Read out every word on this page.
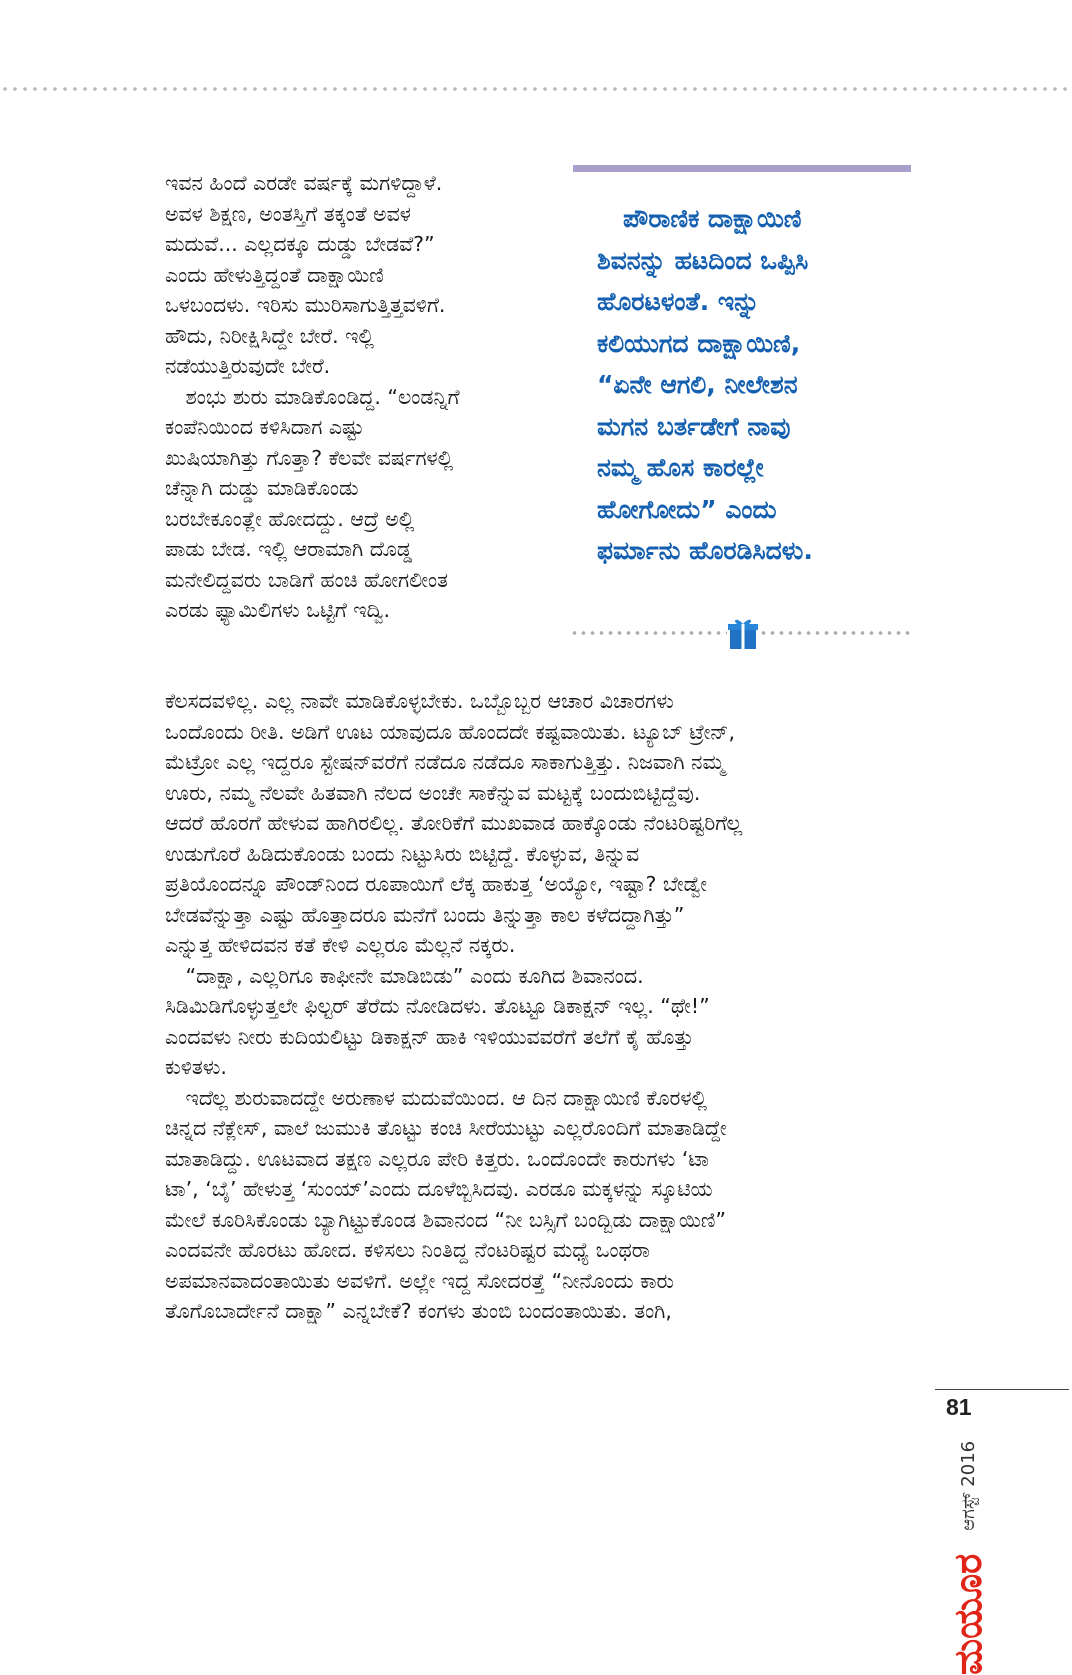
ಇವನ ಹಿಂದೆ ಎರಡೇ ವರ್ಷಕ್ಕೆ ಮಗಳಿದ್ದಾಳೆ.
ಅವಳ ಶಿಕ್ಷಣ, ಅಂತಸ್ತಿಗೆ ತಕ್ಕಂತೆ ಅವಳ
ಮದುವೆ... ಎಲ್ಲದಕ್ಕೂ ದುಡ್ಡು ಬೇಡವೆ?”
ಎಂದು ಹೇಳುತ್ತಿದ್ದಂತೆ ದಾಕ್ಷಾಯಿಣಿ
ಒಳಬಂದಳು. ಇರಿಸು ಮುರಿಸಾಗುತ್ತಿತ್ತವಳಿಗೆ.
ಹೌದು, ನಿರೀಕ್ಷಿಸಿದ್ದೇ ಬೇರೆ. ಇಲ್ಲಿ
ನಡೆಯುತ್ತಿರುವುದೇ ಬೇರೆ.
 ಶಂಭು ಶುರು ಮಾಡಿಕೊಂಡಿದ್ದ. “ಲಂಡನ್ನಿಗೆ
ಕಂಪೆನಿಯಿಂದ ಕಳಿಸಿದಾಗ ಎಷ್ಟು
ಖುಷಿಯಾಗಿತ್ತು ಗೊತ್ತಾ? ಕೆಲವೇ ವರ್ಷಗಳಲ್ಲಿ
ಚೆನ್ನಾಗಿ ದುಡ್ಡು ಮಾಡಿಕೊಂಡು
ಬರಬೇಕೂಂತ್ಲೇ ಹೋದದ್ದು. ಆದ್ರೆ ಅಲ್ಲಿ
ಪಾಡು ಬೇಡ. ಇಲ್ಲಿ ಆರಾಮಾಗಿ ದೊಡ್ಡ
ಮನೇಲಿದ್ದವರು ಬಾಡಿಗೆ ಹಂಚಿ ಹೋಗಲೀಂತ
ಎರಡು ಫ್ಯಾಮಿಲಿಗಳು ಒಟ್ಟಿಗೆ ಇದ್ವಿ.
ಪೌರಾಣಿಕ ದಾಕ್ಷಾಯಿಣಿ
ಶಿವನನ್ನು ಹಟದಿಂದ ಒಪ್ಪಿಸಿ
ಹೊರಟಳಂತೆ. ಇನ್ನು
ಕಲಿಯುಗದ ದಾಕ್ಷಾಯಿಣಿ,
“ಏನೇ ಆಗಲಿ, ನೀಲೇಶನ
ಮಗನ ಬರ್ತಡೇಗೆ ನಾವು
ನಮ್ಮ ಹೊಸ ಕಾರಲ್ಲೇ
ಹೋಗೋದು” ಎಂದು
ಫರ್ಮಾನು ಹೊರಡಿಸಿದಳು.
ಕೆಲಸದವಳಿಲ್ಲ. ಎಲ್ಲ ನಾವೇ ಮಾಡಿಕೊಳ್ಳಬೇಕು. ಒಬ್ಬೊಬ್ಬರ ಆಚಾರ ವಿಚಾರಗಳು
ಒಂದೊಂದು ರೀತಿ. ಅಡಿಗೆ ಊಟ ಯಾವುದೂ ಹೊಂದದೇ ಕಷ್ಟವಾಯಿತು. ಟ್ಯೂಬ್ ಟ್ರೇನ್,
ಮೆಟ್ರೋ ಎಲ್ಲ ಇದ್ದರೂ ಸ್ಟೇಷನ್‌ವರೆಗೆ ನಡೆದೂ ನಡೆದೂ ಸಾಕಾಗುತ್ತಿತ್ತು. ನಿಜವಾಗಿ ನಮ್ಮ
ಊರು, ನಮ್ಮ ನೆಲವೇ ಹಿತವಾಗಿ ನೆಲದ ಅಂಚೇ ಸಾಕೆನ್ನುವ ಮಟ್ಟಕ್ಕೆ ಬಂದುಬಿಟ್ಟಿದ್ದೆವು.
ಆದರೆ ಹೊರಗೆ ಹೇಳುವ ಹಾಗಿರಲಿಲ್ಲ. ತೋರಿಕೆಗೆ ಮುಖವಾಡ ಹಾಕ್ಕೊಂಡು ನೆಂಟರಿಷ್ಟರಿಗೆಲ್ಲ
ಉಡುಗೊರೆ ಹಿಡಿದುಕೊಂಡು ಬಂದು ನಿಟ್ಟುಸಿರು ಬಿಟ್ಟಿದ್ದೆ. ಕೊಳ್ಳುವ, ತಿನ್ನುವ
ಪ್ರತಿಯೊಂದನ್ನೂ ಪೌಂಡ್‌ನಿಂದ ರೂಪಾಯಿಗೆ ಲೆಕ್ಕ ಹಾಕುತ್ತ ‘ಅಯ್ಯೋ, ಇಷ್ಟಾ? ಬೇಡ್ವೇ
ಬೇಡವೆನ್ನುತ್ತಾ ಎಷ್ಟು ಹೊತ್ತಾದರೂ ಮನೆಗೆ ಬಂದು ತಿನ್ನುತ್ತಾ ಕಾಲ ಕಳೆದದ್ದಾಗಿತ್ತು”
ಎನ್ನುತ್ತ ಹೇಳಿದವನ ಕತೆ ಕೇಳಿ ಎಲ್ಲರೂ ಮೆಲ್ಲನೆ ನಕ್ಕರು.
 “ದಾಕ್ಷಾ, ಎಲ್ಲರಿಗೂ ಕಾಫೀನೇ ಮಾಡಿಬಿಡು” ಎಂದು ಕೂಗಿದ ಶಿವಾನಂದ.
ಸಿಡಿಮಿಡಿಗೊಳ್ಳುತ್ತಲೇ ಫಿಲ್ಟರ್ ತೆರೆದು ನೋಡಿದಳು. ತೊಟ್ಟೂ ಡಿಕಾಕ್ಷನ್ ಇಲ್ಲ. “ಥೇ!”
ಎಂದವಳು ನೀರು ಕುದಿಯಲಿಟ್ಟು ಡಿಕಾಕ್ಷನ್ ಹಾಕಿ ಇಳಿಯುವವರೆಗೆ ತಲೆಗೆ ಕೈ ಹೊತ್ತು
ಕುಳಿತಳು.
 ಇದೆಲ್ಲ ಶುರುವಾದದ್ದೇ ಅರುಣಾಳ ಮದುವೆಯಿಂದ. ಆ ದಿನ ದಾಕ್ಷಾಯಿಣಿ ಕೊರಳಲ್ಲಿ
ಚಿನ್ನದ ನೆಕ್ಲೇಸ್, ವಾಲೆ ಜುಮುಕಿ ತೊಟ್ಟು ಕಂಚಿ ಸೀರೆಯುಟ್ಟು ಎಲ್ಲರೊಂದಿಗೆ ಮಾತಾಡಿದ್ದೇ
ಮಾತಾಡಿದ್ದು. ಊಟವಾದ ತಕ್ಷಣ ಎಲ್ಲರೂ ಪೇರಿ ಕಿತ್ತರು. ಒಂದೊಂದೇ ಕಾರುಗಳು ‘ಟಾ
ಟಾ’, ‘ಬೈ’ ಹೇಳುತ್ತ ‘ಸುಂಯ್’ಎಂದು ದೂಳೆಬ್ಬಿಸಿದವು. ಎರಡೂ ಮಕ್ಕಳನ್ನು ಸ್ಕೂಟಿಯ
ಮೇಲೆ ಕೂರಿಸಿಕೊಂಡು ಬ್ಯಾಗಿಟ್ಟುಕೊಂಡ ಶಿವಾನಂದ “ನೀ ಬಸ್ಸಿಗೆ ಬಂದ್ಬಿಡು ದಾಕ್ಷಾಯಿಣಿ”
ಎಂದವನೇ ಹೊರಟು ಹೋದ. ಕಳಿಸಲು ನಿಂತಿದ್ದ ನೆಂಟರಿಷ್ಟರ ಮಧ್ಯೆ ಒಂಥರಾ
ಅಪಮಾನವಾದಂತಾಯಿತು ಅವಳಿಗೆ. ಅಲ್ಲೇ ಇದ್ದ ಸೋದರತ್ತೆ “ನೀನೊಂದು ಕಾರು
ತೊಗೊಬಾರ್ದೇನೆ ದಾಕ್ಷಾ” ಎನ್ನಬೇಕೆ? ಕಂಗಳು ತುಂಬಿ ಬಂದಂತಾಯಿತು. ತಂಗಿ,
ಮಯೂರ ಆಗಸ್ಟ್ 2016
81
